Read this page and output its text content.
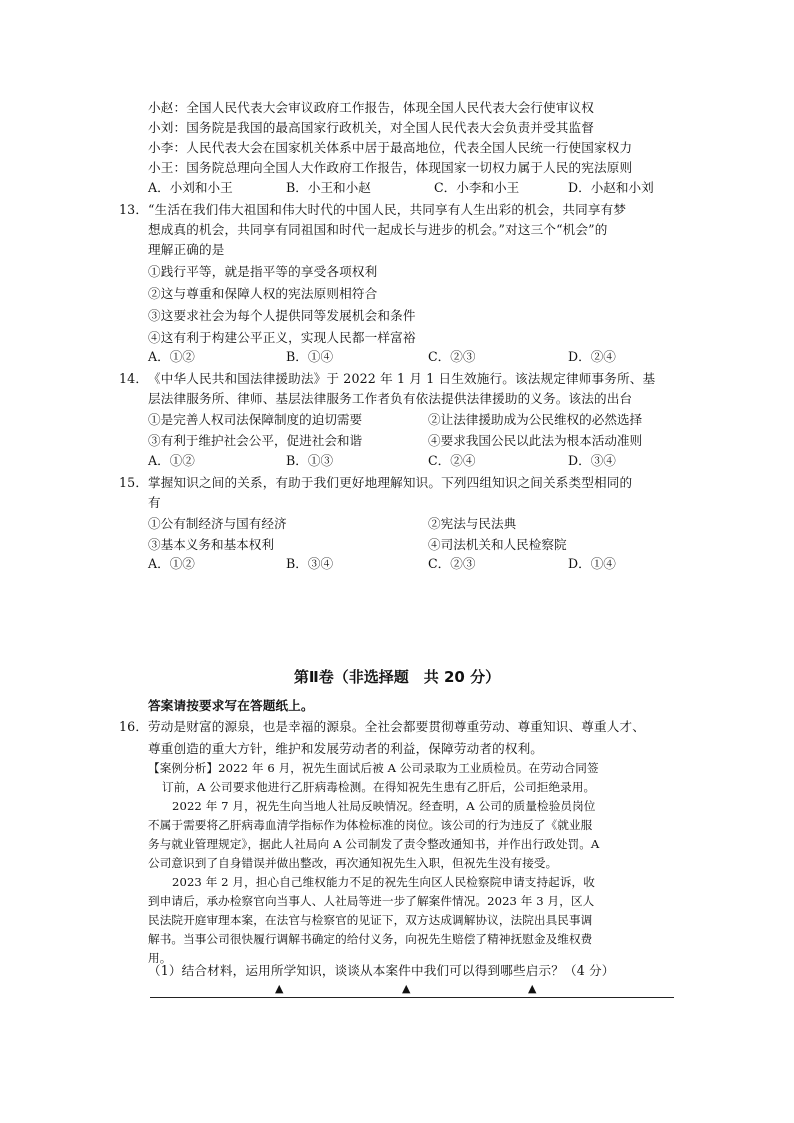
小赵：全国人民代表大会审议政府工作报告，体现全国人民代表大会行使审议权
小刘：国务院是我国的最高国家行政机关，对全国人民代表大会负责并受其监督
小李：人民代表大会在国家机关体系中居于最高地位，代表全国人民统一行使国家权力
小王：国务院总理向全国人大作政府工作报告，体现国家一切权力属于人民的宪法原则
A．小刘和小王	B．小王和小赵	C．小李和小王	D．小赵和小刘
13． “生活在我们伟大祖国和伟大时代的中国人民，共同享有人生出彩的机会，共同享有梦
想成真的机会，共同享有同祖国和时代一起成长与进步的机会。”对这三个“机会”的
理解正确的是
①践行平等，就是指平等的享受各项权利
②这与尊重和保障人权的宪法原则相符合
③这要求社会为每个人提供同等发展机会和条件
④这有利于构建公平正义，实现人民都一样富裕
A．①②	B．①④	C．②③	D．②④
14． 《中华人民共和国法律援助法》于 2022 年 1 月 1 日生效施行。该法规定律师事务所、基
层法律服务所、律师、基层法律服务工作者负有依法提供法律援助的义务。该法的出台
①是完善人权司法保障制度的迫切需要	②让法律援助成为公民维权的必然选择
③有利于维护社会公平，促进社会和谐	④要求我国公民以此法为根本活动准则
A．①②	B．①③	C．②④	D．③④
15． 掌握知识之间的关系，有助于我们更好地理解知识。下列四组知识之间关系类型相同的
有
①公有制经济与国有经济	②宪法与民法典
③基本义务和基本权利	④司法机关和人民检察院
A．①②	B．③④	C．②③	D．①④
第Ⅱ卷（非选择题　共 20 分）
答案请按要求写在答题纸上。
16． 劳动是财富的源泉，也是幸福的源泉。全社会都要贯彻尊重劳动、尊重知识、尊重人才、
尊重创造的重大方针，维护和发展劳动者的利益，保障劳动者的权利。
【案例分析】2022 年 6 月，祝先生面试后被 A 公司录取为工业质检员。在劳动合同签
订前，A 公司要求他进行乙肝病毒检测。在得知祝先生患有乙肝后，公司拒绝录用。
2022 年 7 月，祝先生向当地人社局反映情况。经查明，A 公司的质量检验员岗位
不属于需要将乙肝病毒血清学指标作为体检标准的岗位。该公司的行为违反了《就业服
务与就业管理规定》，据此人社局向 A 公司制发了责令整改通知书，并作出行政处罚。A
公司意识到了自身错误并做出整改，再次通知祝先生入职，但祝先生没有接受。
2023 年 2 月，担心自己维权能力不足的祝先生向区人民检察院申请支持起诉，收
到申请后，承办检察官向当事人、人社局等进一步了解案件情况。2023 年 3 月，区人
民法院开庭审理本案，在法官与检察官的见证下，双方达成调解协议，法院出具民事调
解书。当事公司很快履行调解书确定的给付义务，向祝先生赔偿了精神抚慰金及维权费
用。
（1）结合材料，运用所学知识，谈谈从本案件中我们可以得到哪些启示？（4 分）
▲	▲	▲
